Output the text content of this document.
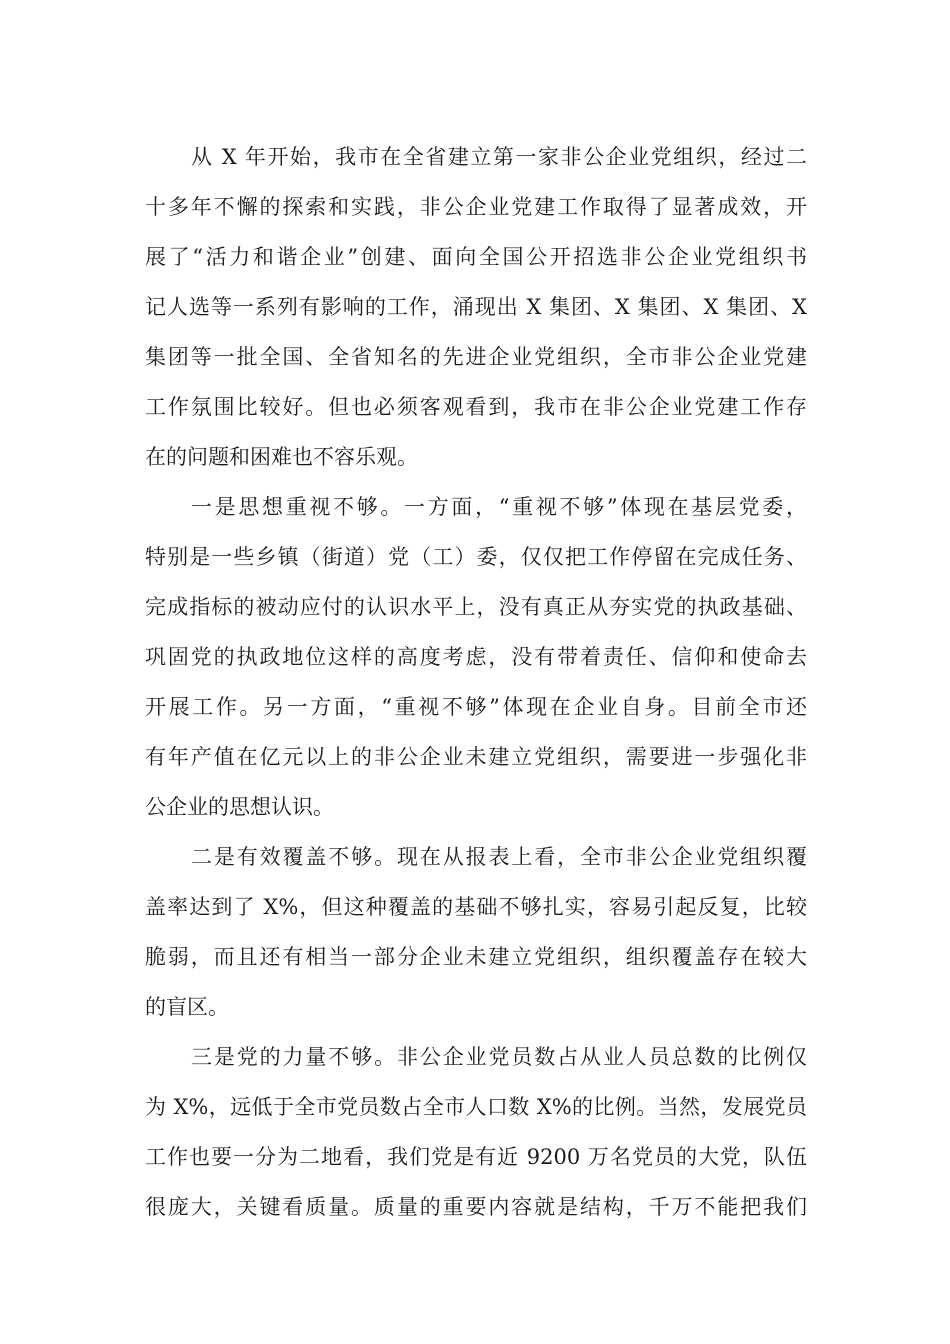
从 X 年开始，我市在全省建立第一家非公企业党组织，经过二
十多年不懈的探索和实践，非公企业党建工作取得了显著成效，开
展了“活力和谐企业”创建、面向全国公开招选非公企业党组织书
记人选等一系列有影响的工作，涌现出 X 集团、X 集团、X 集团、X
集团等一批全国、全省知名的先进企业党组织，全市非公企业党建
工作氛围比较好。但也必须客观看到，我市在非公企业党建工作存
在的问题和困难也不容乐观。
一是思想重视不够。一方面，“重视不够”体现在基层党委，
特别是一些乡镇（街道）党（工）委，仅仅把工作停留在完成任务、
完成指标的被动应付的认识水平上，没有真正从夯实党的执政基础、
巩固党的执政地位这样的高度考虑，没有带着责任、信仰和使命去
开展工作。另一方面，“重视不够”体现在企业自身。目前全市还
有年产值在亿元以上的非公企业未建立党组织，需要进一步强化非
公企业的思想认识。
二是有效覆盖不够。现在从报表上看，全市非公企业党组织覆
盖率达到了 X%，但这种覆盖的基础不够扎实，容易引起反复，比较
脆弱，而且还有相当一部分企业未建立党组织，组织覆盖存在较大
的盲区。
三是党的力量不够。非公企业党员数占从业人员总数的比例仅
为 X%，远低于全市党员数占全市人口数 X%的比例。当然，发展党员
工作也要一分为二地看，我们党是有近 9200 万名党员的大党，队伍
很庞大，关键看质量。质量的重要内容就是结构，千万不能把我们
